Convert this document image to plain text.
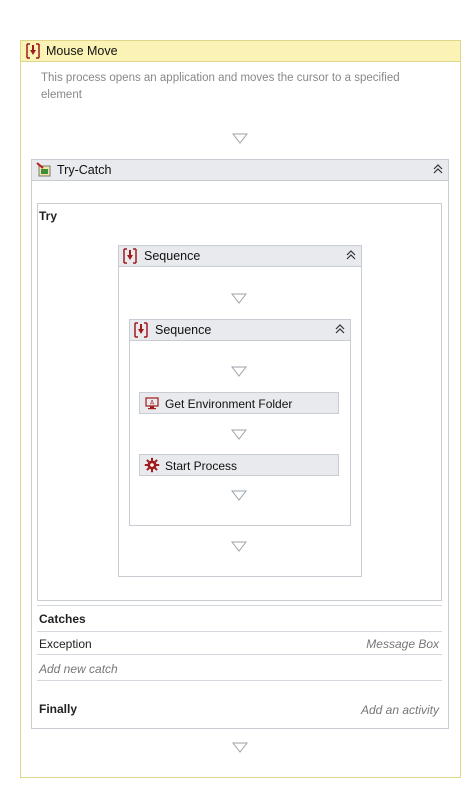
Mouse Move
This process opens an application and moves the cursor to a specified element
Try-Catch
Try
Sequence
Sequence
A Get Environment Folder
Start Process
Catches
Exception	Message Box
Add new catch
Finally	Add an activity
